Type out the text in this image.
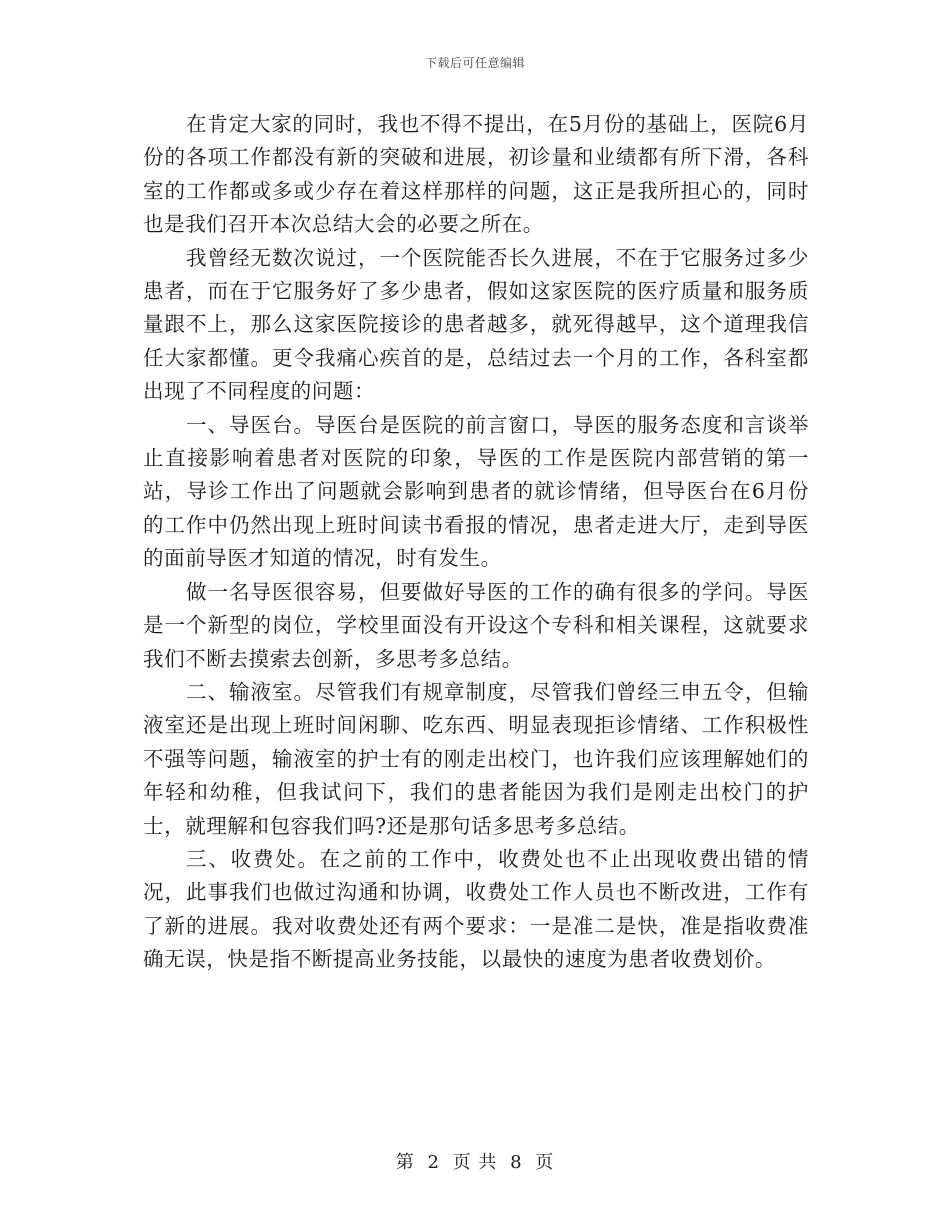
下载后可任意编辑

在肯定大家的同时，我也不得不提出，在5月份的基础上，医院6月份的各项工作都没有新的突破和进展，初诊量和业绩都有所下滑，各科室的工作都或多或少存在着这样那样的问题，这正是我所担心的，同时也是我们召开本次总结大会的必要之所在。

我曾经无数次说过，一个医院能否长久进展，不在于它服务过多少患者，而在于它服务好了多少患者，假如这家医院的医疗质量和服务质量跟不上，那么这家医院接诊的患者越多，就死得越早，这个道理我信任大家都懂。更令我痛心疾首的是，总结过去一个月的工作，各科室都出现了不同程度的问题：

一、导医台。导医台是医院的前言窗口，导医的服务态度和言谈举止直接影响着患者对医院的印象，导医的工作是医院内部营销的第一站，导诊工作出了问题就会影响到患者的就诊情绪，但导医台在6月份的工作中仍然出现上班时间读书看报的情况，患者走进大厅，走到导医的面前导医才知道的情况，时有发生。

做一名导医很容易，但要做好导医的工作的确有很多的学问。导医是一个新型的岗位，学校里面没有开设这个专科和相关课程，这就要求我们不断去摸索去创新，多思考多总结。

二、输液室。尽管我们有规章制度，尽管我们曾经三申五令，但输液室还是出现上班时间闲聊、吃东西、明显表现拒诊情绪、工作积极性不强等问题，输液室的护士有的刚走出校门，也许我们应该理解她们的年轻和幼稚，但我试问下，我们的患者能因为我们是刚走出校门的护士，就理解和包容我们吗?还是那句话多思考多总结。

三、收费处。在之前的工作中，收费处也不止出现收费出错的情况，此事我们也做过沟通和协调，收费处工作人员也不断改进，工作有了新的进展。我对收费处还有两个要求：一是准二是快，准是指收费准确无误，快是指不断提高业务技能，以最快的速度为患者收费划价。

第 2 页 共 8 页
